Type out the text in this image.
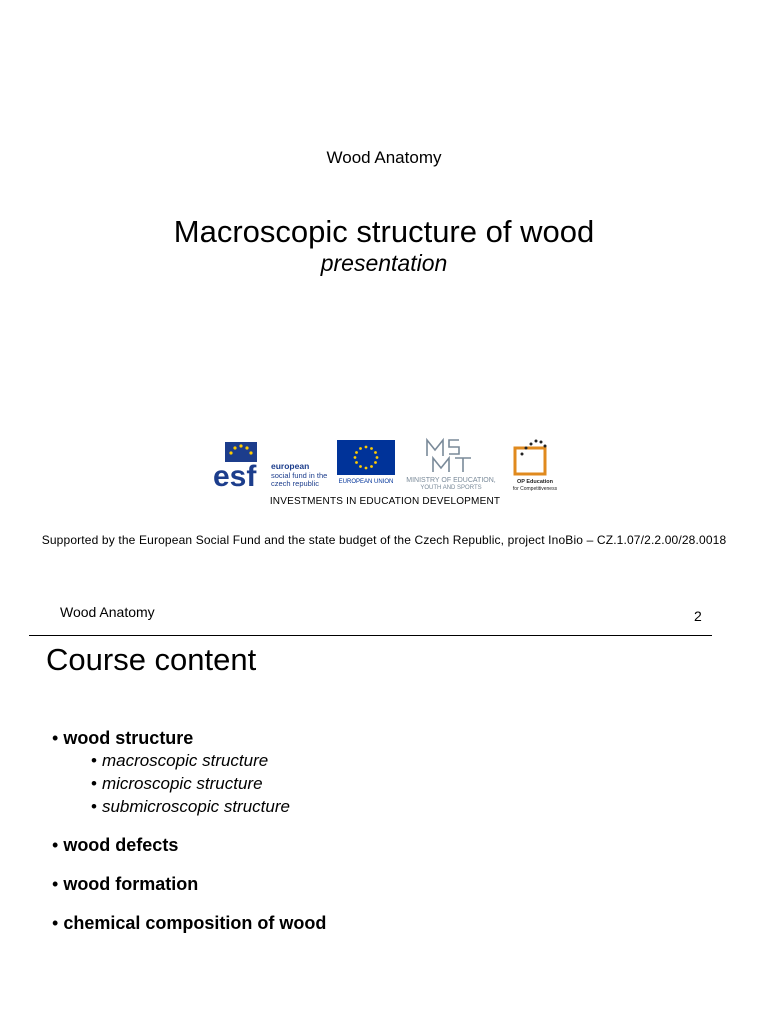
Wood Anatomy
Macroscopic structure of wood
presentation
esf european
social fund in the
czech republic	EUROPEAN UNION MINISTRY OF EDUCATION,
YOUTH AND SPORTS
OP Education
for Competitiveness
INVESTMENTS IN EDUCATION DEVELOPMENT
Supported by the European Social Fund and the state budget of the Czech Republic, project InoBio – CZ.1.07/2.2.00/28.0018
Wood Anatomy	2
Course content
• wood structure
• macroscopic structure
• microscopic structure
• submicroscopic structure
• wood defects
• wood formation
• chemical composition of wood
